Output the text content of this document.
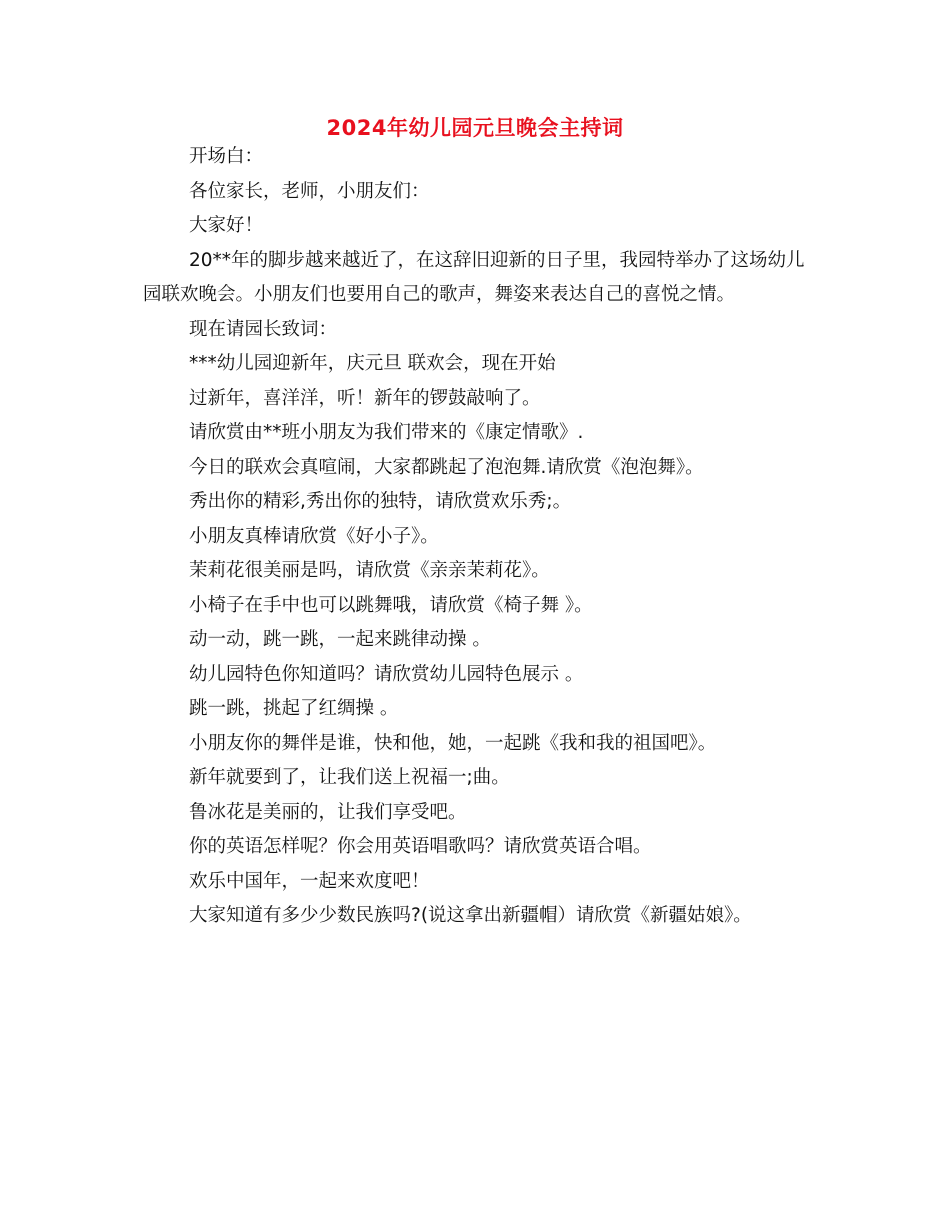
2024年幼儿园元旦晚会主持词

开场白：

各位家长，老师，小朋友们：

大家好！

20**年的脚步越来越近了，在这辞旧迎新的日子里，我园特举办了这场幼儿园联欢晚会。小朋友们也要用自己的歌声，舞姿来表达自己的喜悦之情。

现在请园长致词：

***幼儿园迎新年，庆元旦 联欢会，现在开始

过新年，喜洋洋，听！新年的锣鼓敲响了。

请欣赏由**班小朋友为我们带来的《康定情歌》.

今日的联欢会真喧闹，大家都跳起了泡泡舞.请欣赏《泡泡舞》。

秀出你的精彩,秀出你的独特，请欣赏欢乐秀;。

小朋友真棒请欣赏《好小子》。

茉莉花很美丽是吗，请欣赏《亲亲茉莉花》。

小椅子在手中也可以跳舞哦，请欣赏《椅子舞 》。

动一动，跳一跳，一起来跳律动操 。

幼儿园特色你知道吗？请欣赏幼儿园特色展示 。

跳一跳，挑起了红绸操 。

小朋友你的舞伴是谁，快和他，她，一起跳《我和我的祖国吧》。

新年就要到了，让我们送上祝福一;曲。

鲁冰花是美丽的，让我们享受吧。

你的英语怎样呢？你会用英语唱歌吗？请欣赏英语合唱。

欢乐中国年，一起来欢度吧！

大家知道有多少少数民族吗?(说这拿出新疆帽）请欣赏《新疆姑娘》。
